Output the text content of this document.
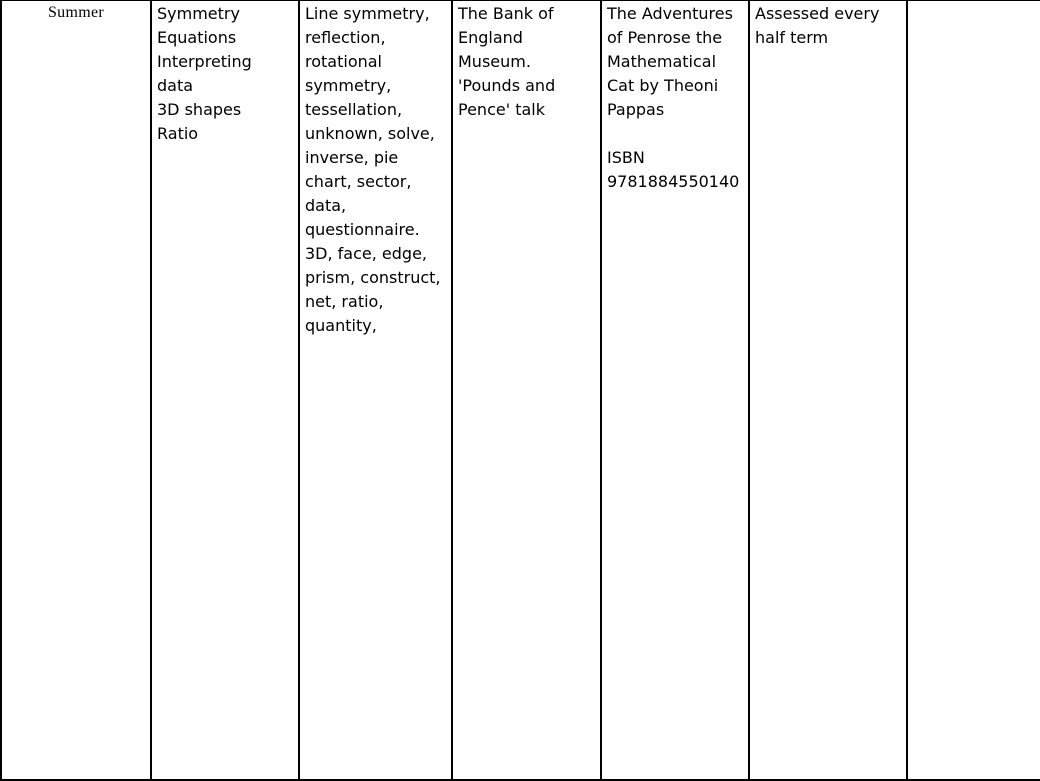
Summer	Symmetry
Equations
Interpreting
data
3D shapes
Ratio

Line symmetry,
reflection,
rotational
symmetry,
tessellation,
unknown, solve,
inverse, pie
chart, sector,
data,
questionnaire.
3D, face, edge,
prism, construct,
net, ratio,
quantity,

The Bank of
England
Museum.
'Pounds and
Pence' talk

The Adventures
of Penrose the
Mathematical
Cat by Theoni
Pappas
ISBN
9781884550140

Assessed every
half term
